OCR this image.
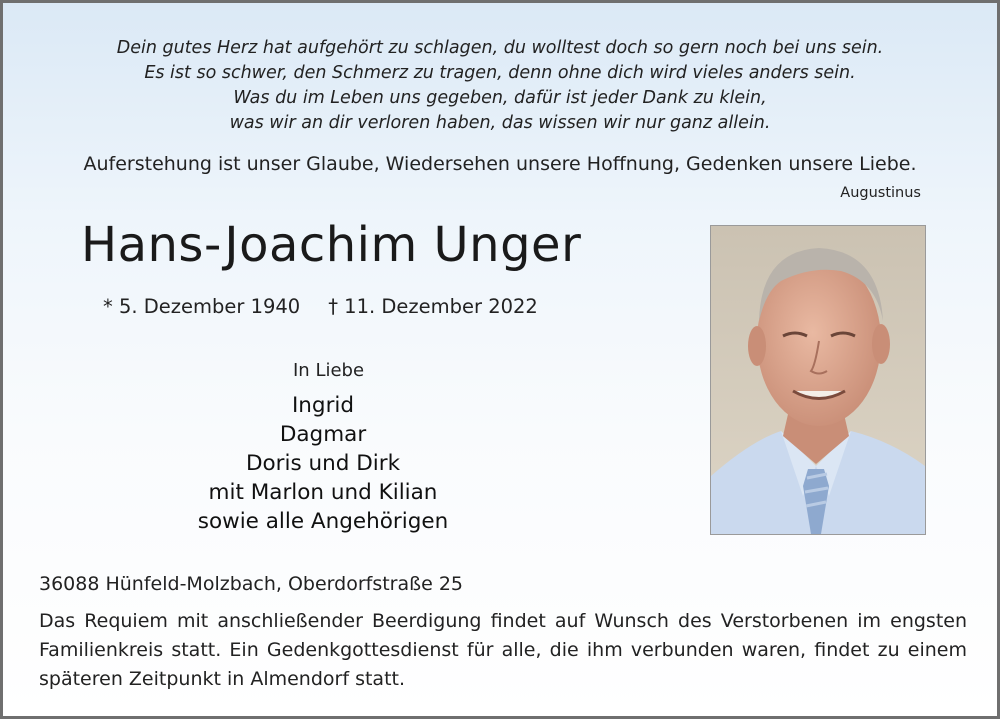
Dein gutes Herz hat aufgehört zu schlagen, du wolltest doch so gern noch bei uns sein.
Es ist so schwer, den Schmerz zu tragen, denn ohne dich wird vieles anders sein.
Was du im Leben uns gegeben, dafür ist jeder Dank zu klein,
was wir an dir verloren haben, das wissen wir nur ganz allein.
Auferstehung ist unser Glaube, Wiedersehen unsere Hoffnung, Gedenken unsere Liebe.
Augustinus
Hans-Joachim Unger
* 5. Dezember 1940 † 11. Dezember 2022
In Liebe
Ingrid
Dagmar
Doris und Dirk
mit Marlon und Kilian
sowie alle Angehörigen
36088 Hünfeld-Molzbach, Oberdorfstraße 25
Das Requiem mit anschließender Beerdigung findet auf Wunsch des Verstorbenen im engsten Familienkreis statt. Ein Gedenkgottesdienst für alle, die ihm verbunden waren, findet zu einem späteren Zeitpunkt in Almendorf statt.
